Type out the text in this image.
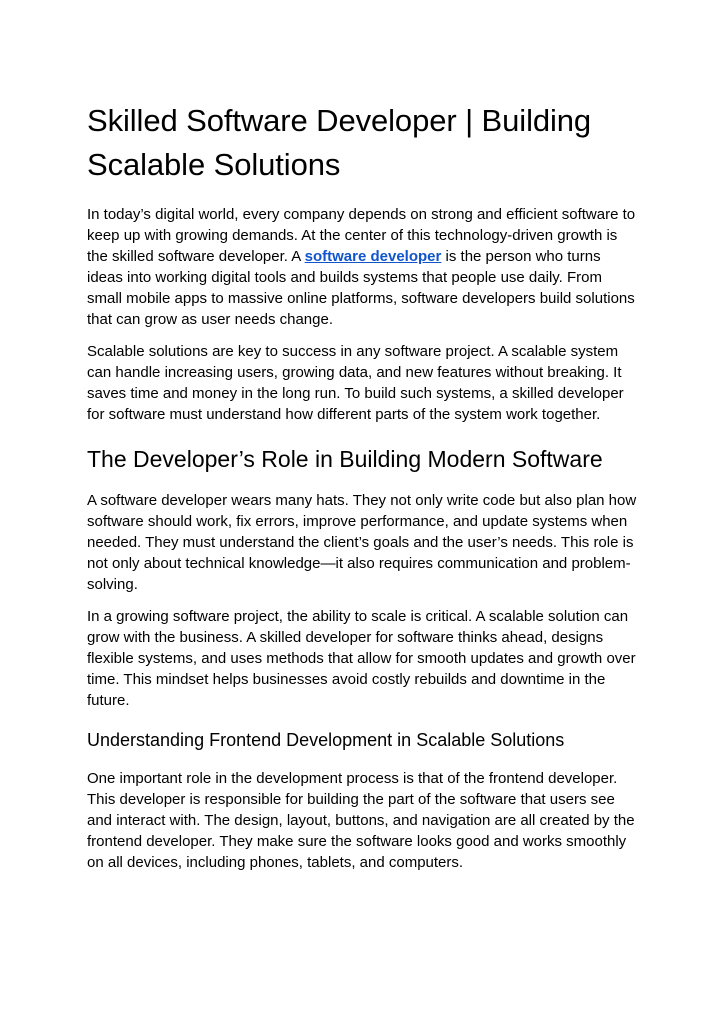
Skilled Software Developer | Building Scalable Solutions

In today’s digital world, every company depends on strong and efficient software to keep up with growing demands. At the center of this technology-driven growth is the skilled software developer. A software developer is the person who turns ideas into working digital tools and builds systems that people use daily. From small mobile apps to massive online platforms, software developers build solutions that can grow as user needs change.

Scalable solutions are key to success in any software project. A scalable system can handle increasing users, growing data, and new features without breaking. It saves time and money in the long run. To build such systems, a skilled developer for software must understand how different parts of the system work together.

The Developer’s Role in Building Modern Software

A software developer wears many hats. They not only write code but also plan how software should work, fix errors, improve performance, and update systems when needed. They must understand the client’s goals and the user’s needs. This role is not only about technical knowledge—it also requires communication and problem-solving.

In a growing software project, the ability to scale is critical. A scalable solution can grow with the business. A skilled developer for software thinks ahead, designs flexible systems, and uses methods that allow for smooth updates and growth over time. This mindset helps businesses avoid costly rebuilds and downtime in the future.

Understanding Frontend Development in Scalable Solutions

One important role in the development process is that of the frontend developer. This developer is responsible for building the part of the software that users see and interact with. The design, layout, buttons, and navigation are all created by the frontend developer. They make sure the software looks good and works smoothly on all devices, including phones, tablets, and computers.
